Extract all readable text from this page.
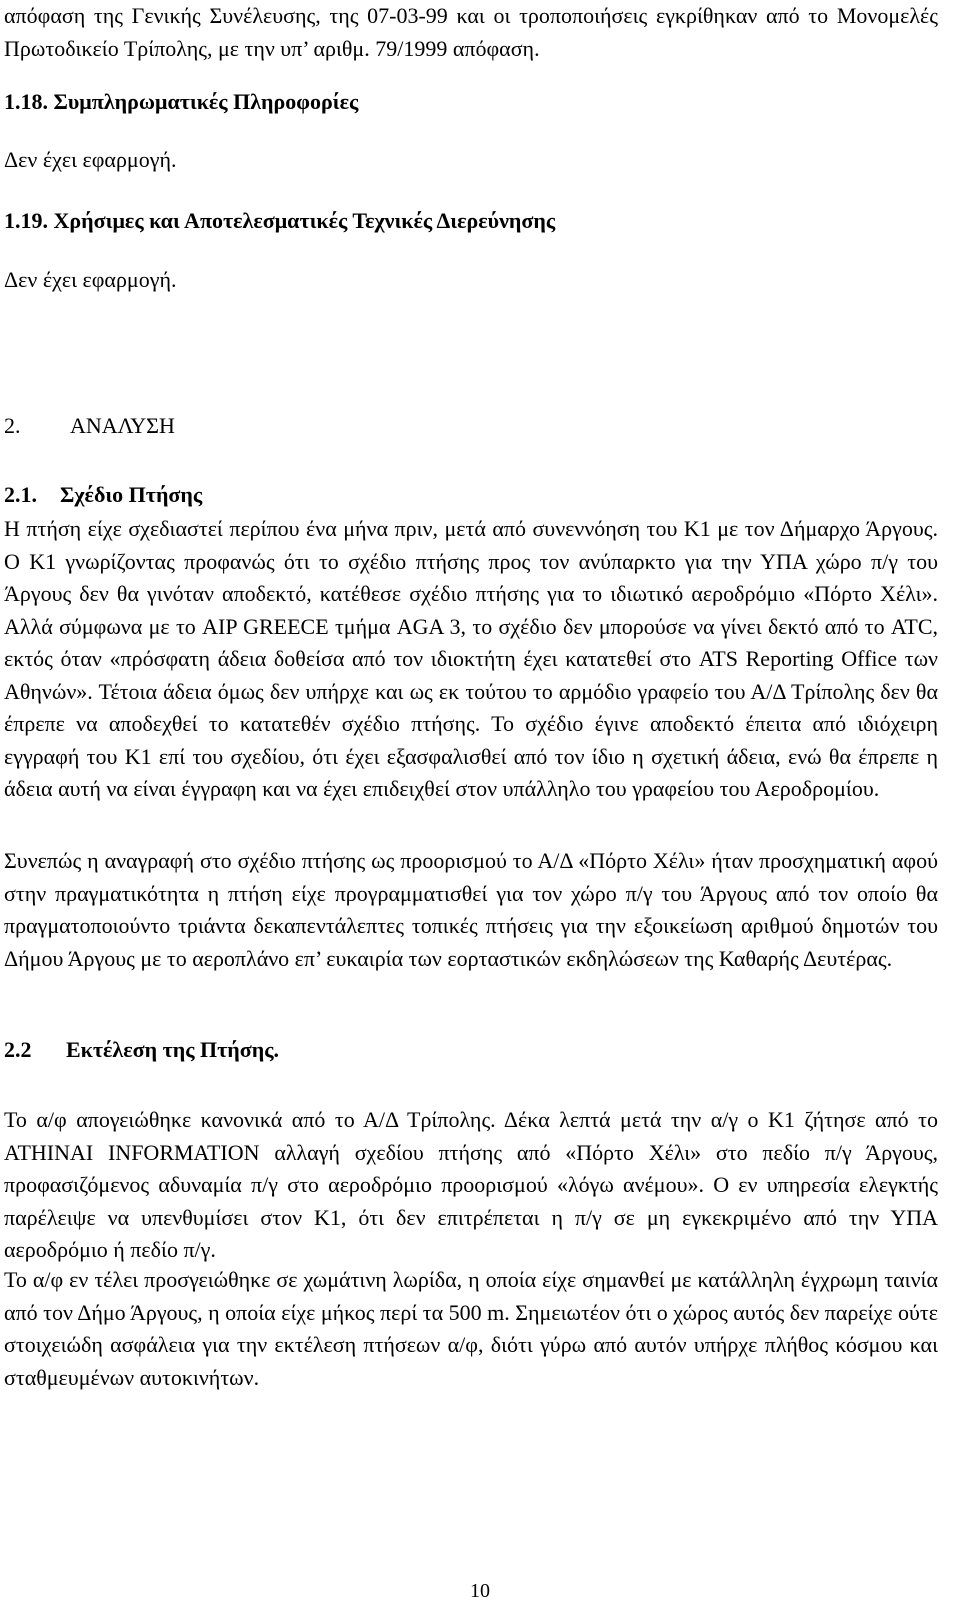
απόφαση της Γενικής Συνέλευσης, της 07-03-99 και οι τροποποιήσεις εγκρίθηκαν από το Μονομελές Πρωτοδικείο Τρίπολης, με την υπ’ αριθμ. 79/1999 απόφαση.
1.18. Συμπληρωματικές Πληροφορίες
Δεν έχει εφαρμογή.
1.19. Χρήσιμες και Αποτελεσματικές Τεχνικές Διερεύνησης
Δεν έχει εφαρμογή.
2. ΑΝΑΛΥΣΗ
2.1. Σχέδιο Πτήσης
Η πτήση είχε σχεδιαστεί περίπου ένα μήνα πριν, μετά από συνεννόηση του Κ1 με τον Δήμαρχο Άργους. Ο Κ1 γνωρίζοντας προφανώς ότι το σχέδιο πτήσης προς τον ανύπαρκτο για την ΥΠΑ χώρο π/γ του Άργους δεν θα γινόταν αποδεκτό, κατέθεσε σχέδιο πτήσης για το ιδιωτικό αεροδρόμιο «Πόρτο Χέλι». Αλλά σύμφωνα με το AIP GREECE τμήμα AGA 3, το σχέδιο δεν μπορούσε να γίνει δεκτό από το ATC, εκτός όταν «πρόσφατη άδεια δοθείσα από τον ιδιοκτήτη έχει κατατεθεί στο ATS Reporting Office των Αθηνών». Τέτοια άδεια όμως δεν υπήρχε και ως εκ τούτου το αρμόδιο γραφείο του Α/Δ Τρίπολης δεν θα έπρεπε να αποδεχθεί το κατατεθέν σχέδιο πτήσης. Το σχέδιο έγινε αποδεκτό έπειτα από ιδιόχειρη εγγραφή του Κ1 επί του σχεδίου, ότι έχει εξασφαλισθεί από τον ίδιο η σχετική άδεια, ενώ θα έπρεπε η άδεια αυτή να είναι έγγραφη και να έχει επιδειχθεί στον υπάλληλο του γραφείου του Αεροδρομίου.
Συνεπώς η αναγραφή στο σχέδιο πτήσης ως προορισμού το Α/Δ «Πόρτο Χέλι» ήταν προσχηματική αφού στην πραγματικότητα η πτήση είχε προγραμματισθεί για τον χώρο π/γ του Άργους από τον οποίο θα πραγματοποιούντο τριάντα δεκαπεντάλεπτες τοπικές πτήσεις για την εξοικείωση αριθμού δημοτών του Δήμου Άργους με το αεροπλάνο επ’ ευκαιρία των εορταστικών εκδηλώσεων της Καθαρής Δευτέρας.
2.2 Εκτέλεση της Πτήσης.
Το α/φ απογειώθηκε κανονικά από το Α/Δ Τρίπολης. Δέκα λεπτά μετά την α/γ ο Κ1 ζήτησε από το ATHINAI INFORMATION αλλαγή σχεδίου πτήσης από «Πόρτο Χέλι» στο πεδίο π/γ Άργους, προφασιζόμενος αδυναμία π/γ στο αεροδρόμιο προορισμού «λόγω ανέμου». Ο εν υπηρεσία ελεγκτής παρέλειψε να υπενθυμίσει στον Κ1, ότι δεν επιτρέπεται η π/γ σε μη εγκεκριμένο από την ΥΠΑ αεροδρόμιο ή πεδίο π/γ.
Το α/φ εν τέλει προσγειώθηκε σε χωμάτινη λωρίδα, η οποία είχε σημανθεί με κατάλληλη έγχρωμη ταινία από τον Δήμο Άργους, η οποία είχε μήκος περί τα 500 m. Σημειωτέον ότι ο χώρος αυτός δεν παρείχε ούτε στοιχειώδη ασφάλεια για την εκτέλεση πτήσεων α/φ, διότι γύρω από αυτόν υπήρχε πλήθος κόσμου και σταθμευμένων αυτοκινήτων.
10
